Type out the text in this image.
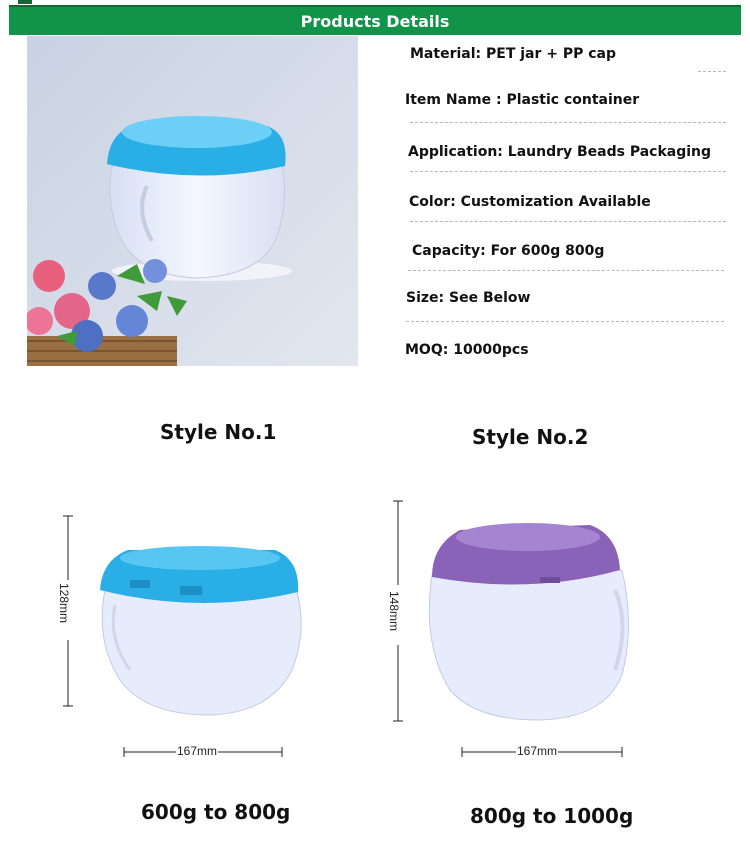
Products Details
Material: PET jar + PP cap
Item Name : Plastic container
Application: Laundry Beads Packaging
Color: Customization Available
Capacity: For 600g 800g
Size: See Below
MOQ: 10000pcs
Style No.1	Style No.2
128mm
167mm
148mm
167mm
600g to 800g	800g to 1000g
